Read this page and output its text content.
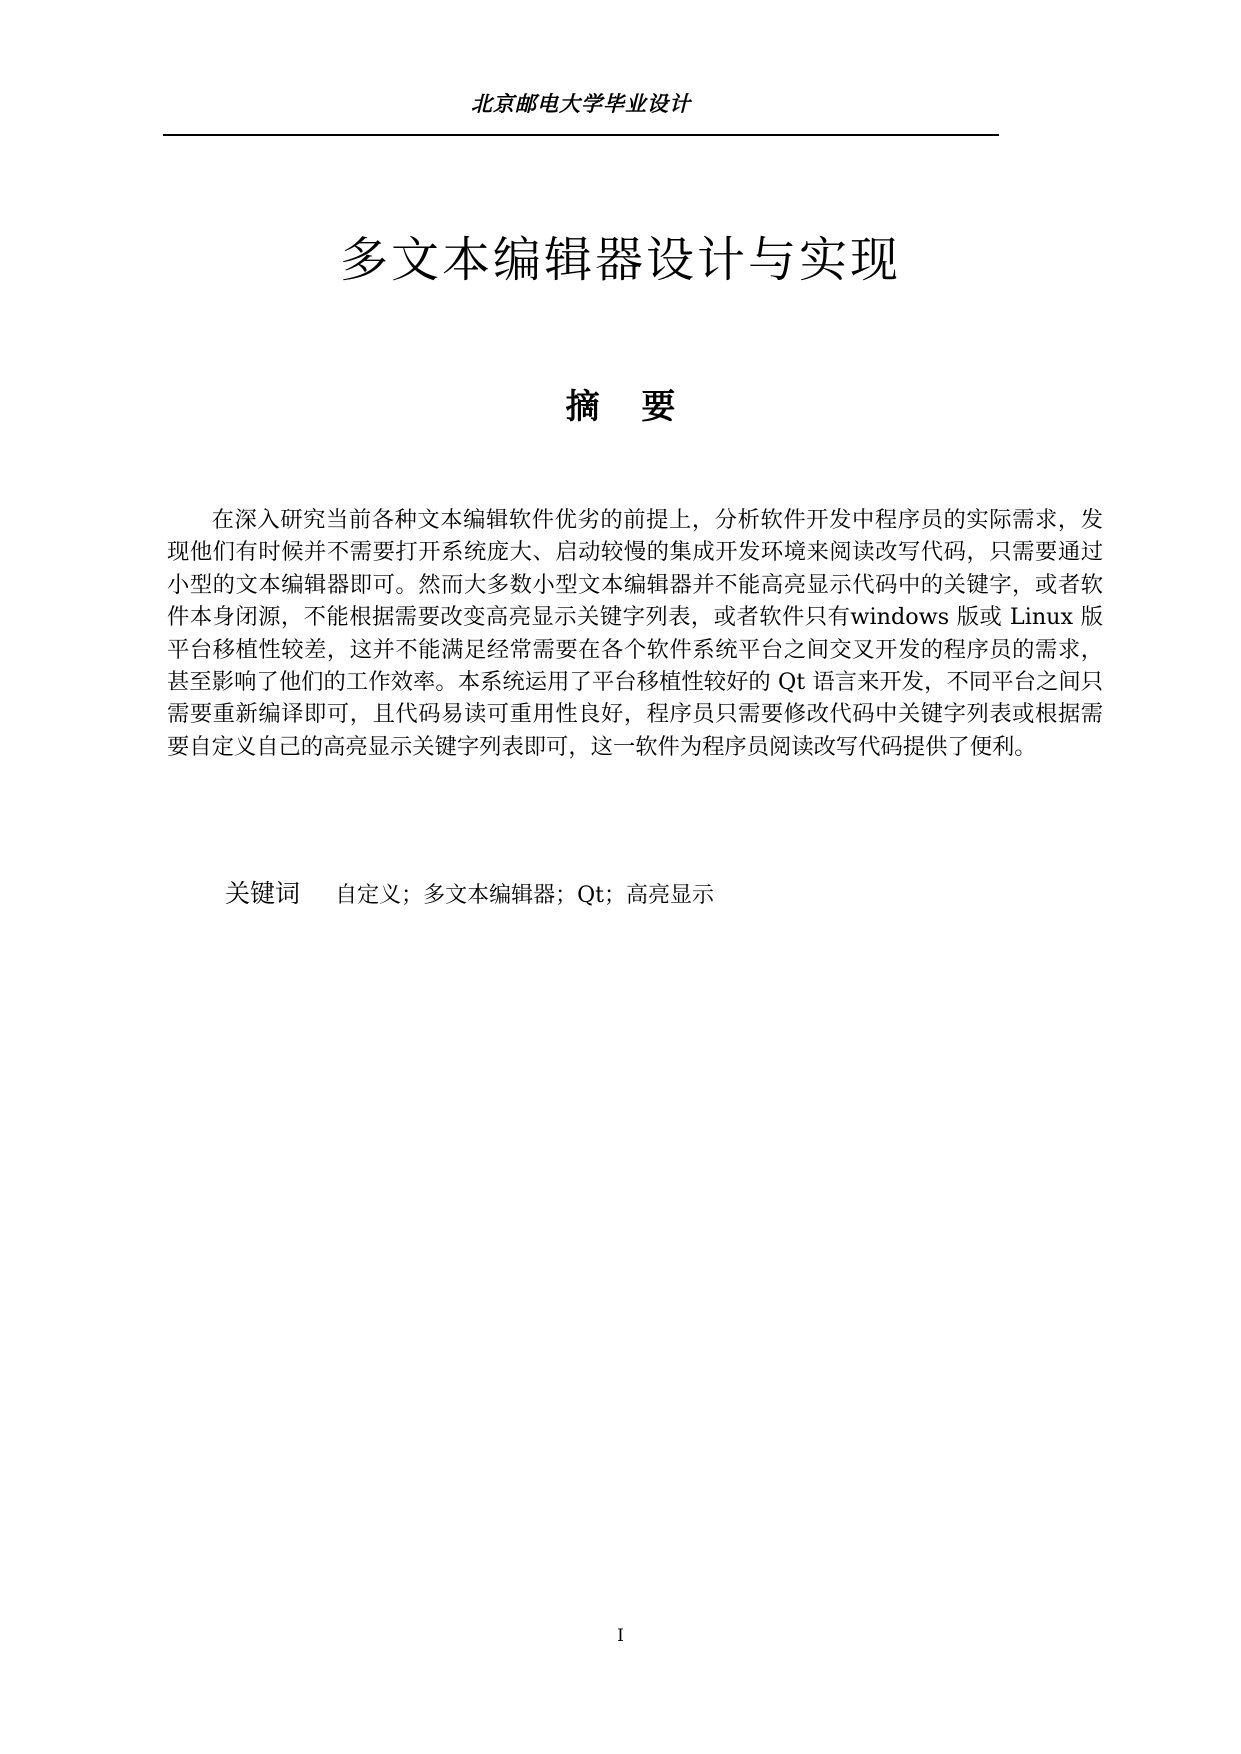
北京邮电大学毕业设计
多文本编辑器设计与实现
摘 要

在深入研究当前各种文本编辑软件优劣的前提上，分析软件开发中程序员的实际需求，发现他们有时候并不需要打开系统庞大、启动较慢的集成开发环境来阅读改写代码，只需要通过小型的文本编辑器即可。然而大多数小型文本编辑器并不能高亮显示代码中的关键字，或者软件本身闭源，不能根据需要改变高亮显示关键字列表，或者软件只有windows 版或 Linux 版平台移植性较差，这并不能满足经常需要在各个软件系统平台之间交叉开发的程序员的需求，甚至影响了他们的工作效率。本系统运用了平台移植性较好的 Qt 语言来开发，不同平台之间只需要重新编译即可，且代码易读可重用性良好，程序员只需要修改代码中关键字列表或根据需要自定义自己的高亮显示关键字列表即可，这一软件为程序员阅读改写代码提供了便利。

关键词 自定义；多文本编辑器；Qt；高亮显示
I
